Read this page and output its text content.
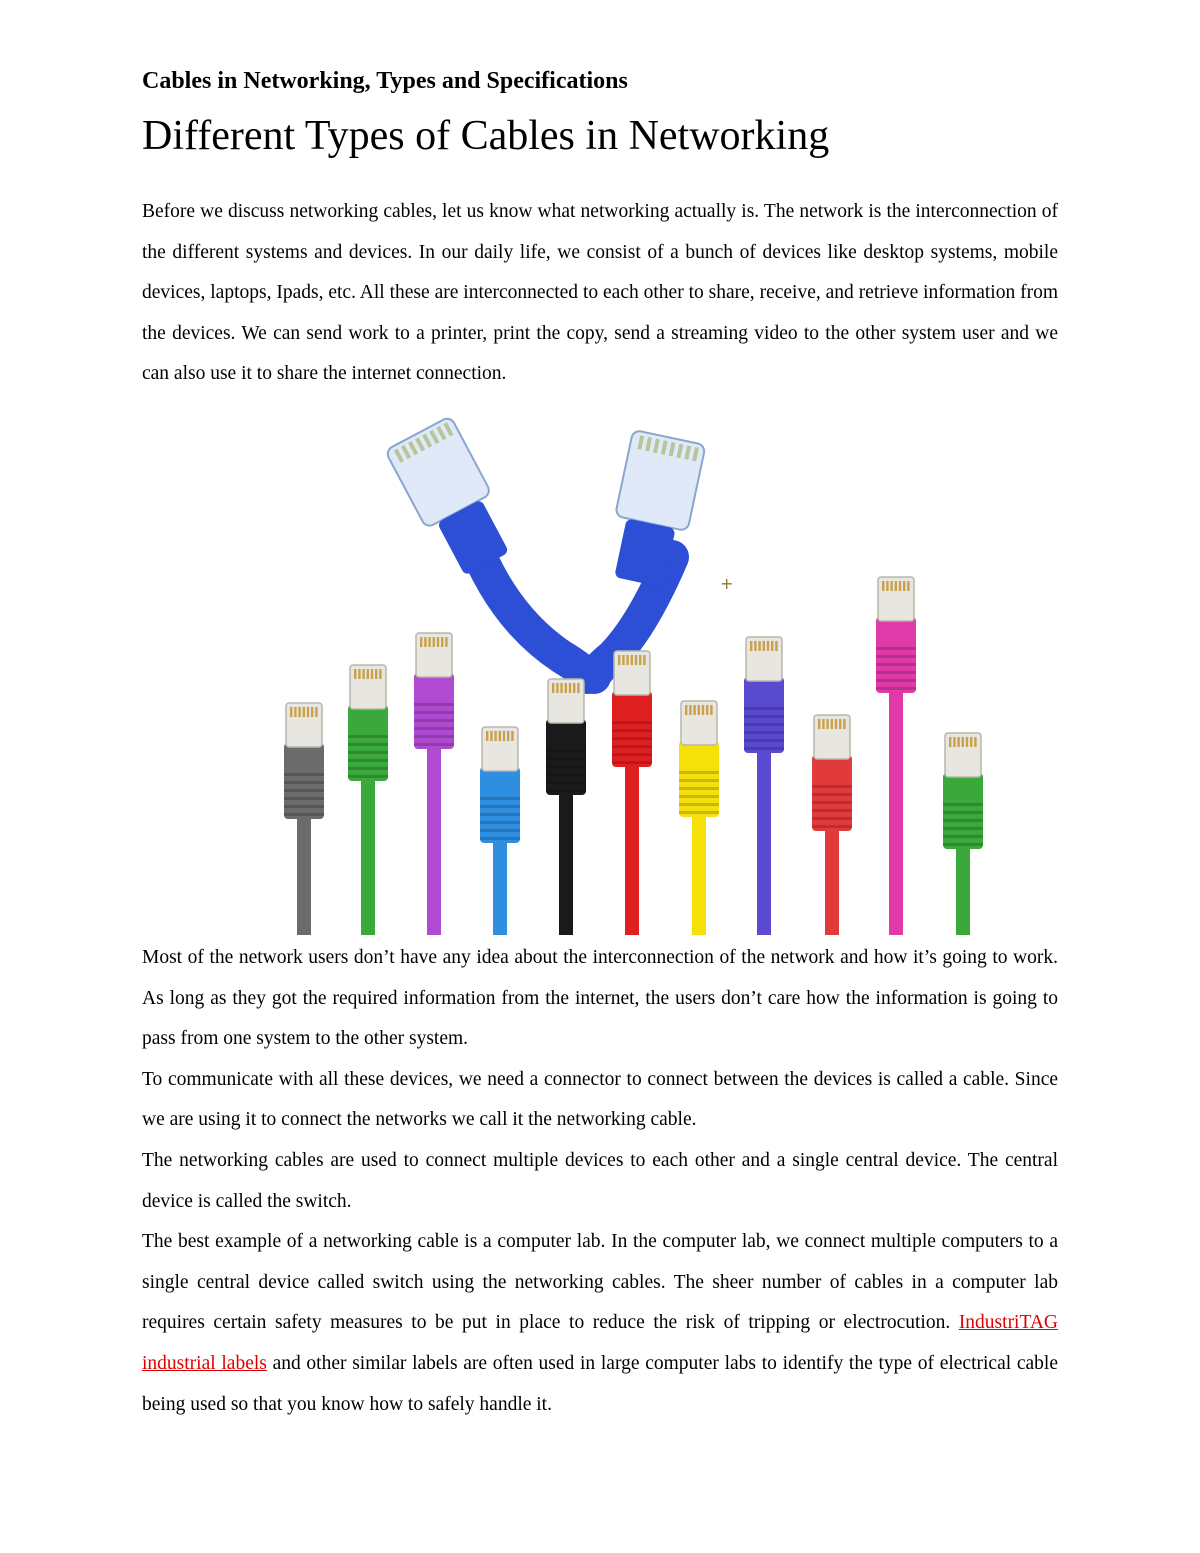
Cables in Networking, Types and Specifications
Different Types of Cables in Networking

Before we discuss networking cables, let us know what networking actually is. The network is the interconnection of the different systems and devices. In our daily life, we consist of a bunch of devices like desktop systems, mobile devices, laptops, Ipads, etc. All these are interconnected to each other to share, receive, and retrieve information from the devices. We can send work to a printer, print the copy, send a streaming video to the other system user and we can also use it to share the internet connection.

+

Most of the network users don’t have any idea about the interconnection of the network and how it’s going to work. As long as they got the required information from the internet, the users don’t care how the information is going to pass from one system to the other system.

To communicate with all these devices, we need a connector to connect between the devices is called a cable. Since we are using it to connect the networks we call it the networking cable.

The networking cables are used to connect multiple devices to each other and a single central device. The central device is called the switch.

The best example of a networking cable is a computer lab. In the computer lab, we connect multiple computers to a single central device called switch using the networking cables. The sheer number of cables in a computer lab requires certain safety measures to be put in place to reduce the risk of tripping or electrocution. IndustriTAG industrial labels and other similar labels are often used in large computer labs to identify the type of electrical cable being used so that you know how to safely handle it.
